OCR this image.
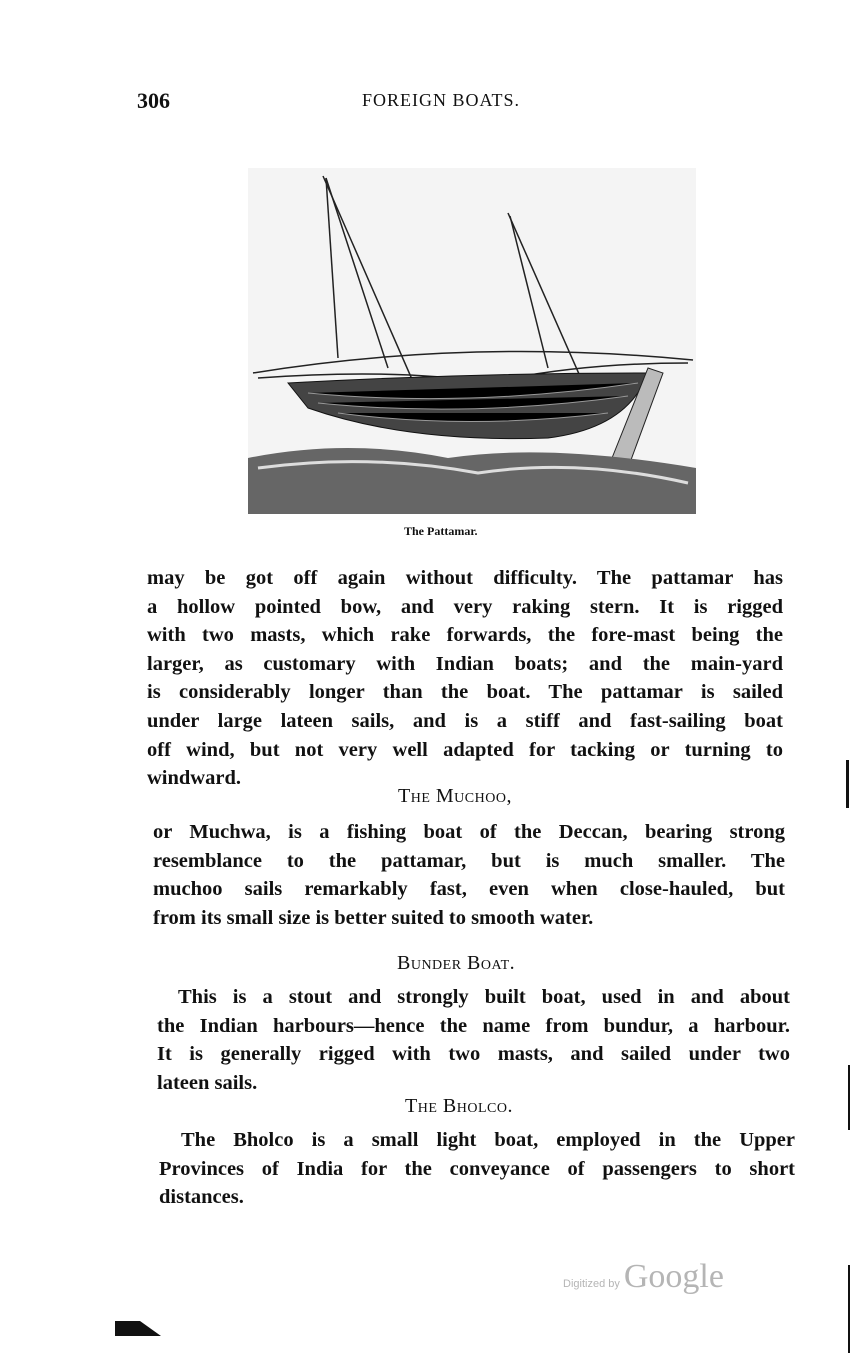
306	FOREIGN BOATS.
The Pattamar.
may be got off again without difficulty. The pattamar has
a hollow pointed bow, and very raking stern. It is rigged
with two masts, which rake forwards, the fore-mast being the
larger, as customary with Indian boats; and the main-yard
is considerably longer than the boat. The pattamar is sailed
under large lateen sails, and is a stiff and fast-sailing boat
off wind, but not very well adapted for tacking or turning to
windward.
The Muchoo,
or Muchwa, is a fishing boat of the Deccan, bearing strong
resemblance to the pattamar, but is much smaller. The
muchoo sails remarkably fast, even when close-hauled, but
from its small size is better suited to smooth water.
Bunder Boat.
This is a stout and strongly built boat, used in and about
the Indian harbours—hence the name from bundur, a harbour.
It is generally rigged with two masts, and sailed under two
lateen sails.
The Bholco.
The Bholco is a small light boat, employed in the Upper
Provinces of India for the conveyance of passengers to short
distances.
Digitized by Google
